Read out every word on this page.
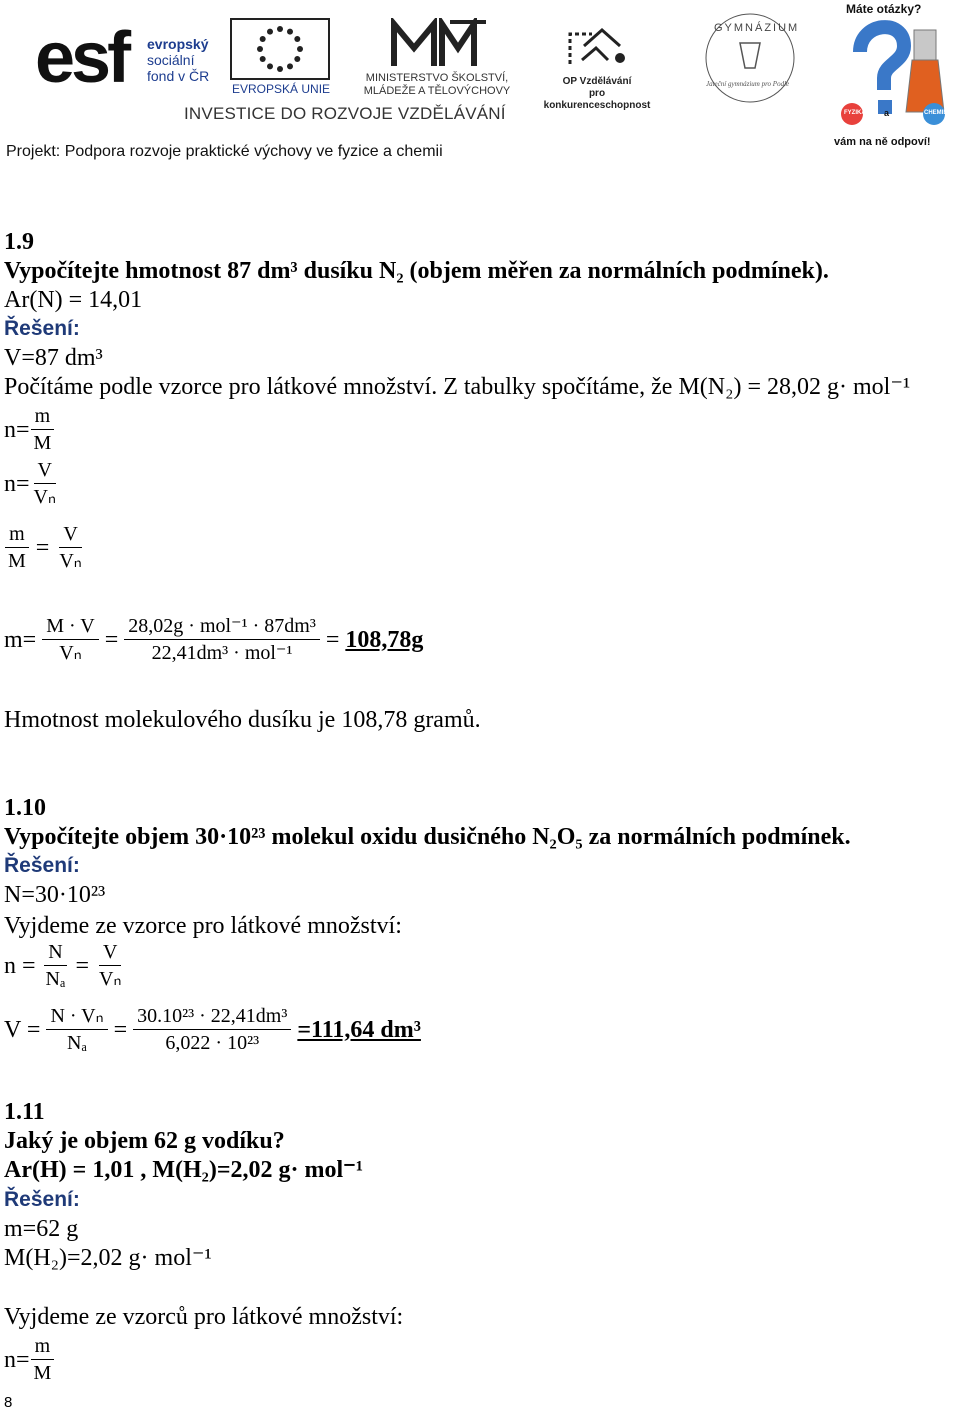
esf evropský
sociální
fond v ČR
EVROPSKÁ UNIE
MINISTERSTVO ŠKOLSTVÍ,
MLÁDEŽE A TĚLOVÝCHOVY
OP Vzdělávání
pro konkurenceschopnost
GYMNÁZIUM
Jateční gymnázium pro Podle
Máte otázky?
FYZIKA a	CHEMIE
vám na ně odpoví!
INVESTICE DO ROZVOJE VZDĚLÁVÁNÍ
Projekt: Podpora rozvoje praktické výchovy ve fyzice a chemii
1.9
Vypočítejte hmotnost 87 dm³ dusíku N₂ (objem měřen za normálních podmínek).
Ar(N) = 14,01
Řešení:
V=87 dm³
Počítáme podle vzorce pro látkové množství. Z tabulky spočítáme, že M(N₂) = 28,02 g· mol⁻¹
$n= \frac{m}{M}$
$n= \frac{V}{\text{Vₙ}}$
$\frac{m}{M} = \frac{V}{\text{Vₙ}}$
$m= \frac{M \cdot V}{\text{Vₙ}} = \frac{\text{28,02g · mol⁻¹ · 87dm³}}{\text{22,41dm³ · mol⁻¹}} = 108,78g$
Hmotnost molekulového dusíku je 108,78 gramů.
1.10
Vypočítejte objem 30·10²³ molekul oxidu dusičného N₂O₅ za normálních podmínek.
Řešení:
N=30·10²³
Vyjdeme ze vzorce pro látkové množství:
$n = \frac{N}{\text{Nₐ}} = \frac{V}{\text{Vₙ}}$
$V = \frac{\text{N · Vₙ}}{\text{Nₐ}} = \frac{\text{30.10²³ · 22,41dm³}}{\text{6,022 · 10²³}} =111,64$ dm³
1.11
Jaký je objem 62 g vodíku?
Ar(H) = 1,01 , M(H₂)=2,02 g· mol⁻¹
Řešení:
m=62 g
M(H₂)=2,02 g· mol⁻¹
Vyjdeme ze vzorců pro látkové množství:
$n= \frac{m}{M}$
8
